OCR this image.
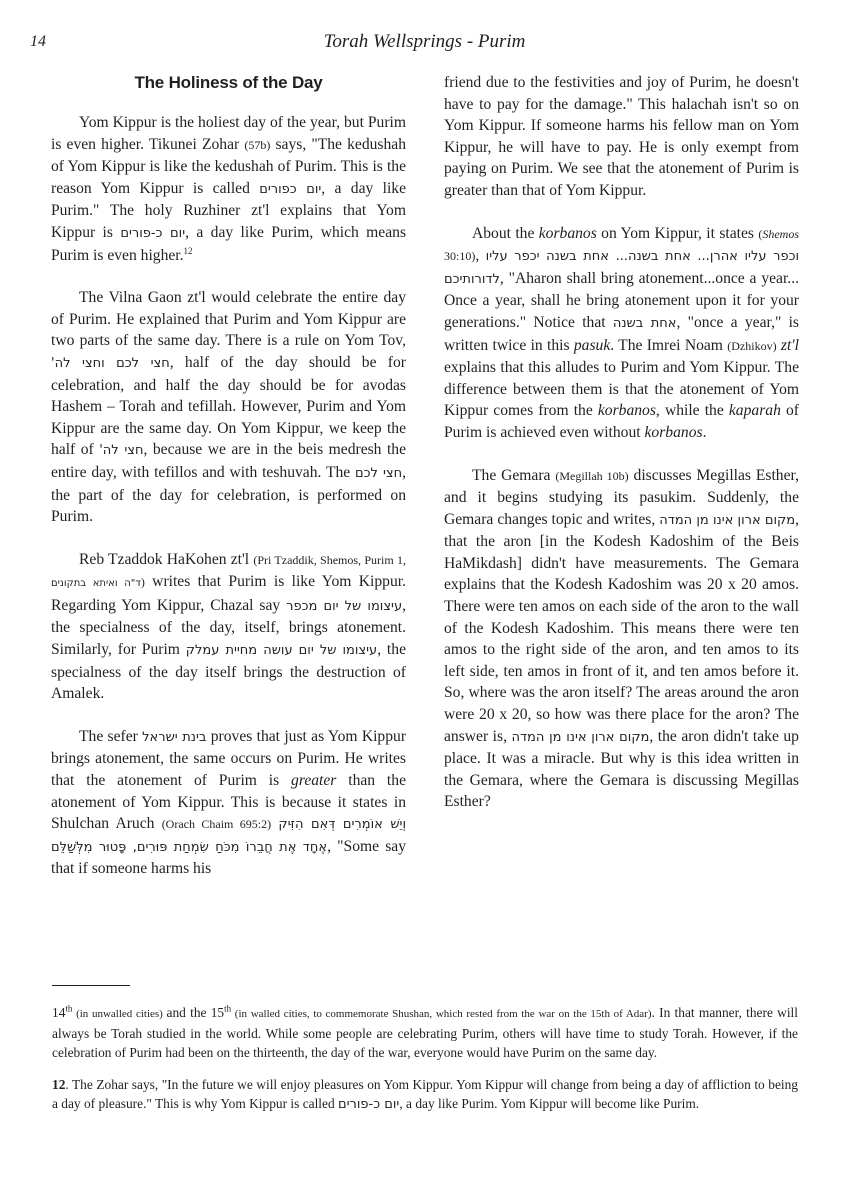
14	Torah Wellsprings - Purim
The Holiness of the Day

Yom Kippur is the holiest day of the year, but Purim is even higher. Tikunei Zohar (57b) says, "The kedushah of Yom Kippur is like the kedushah of Purim. This is the reason Yom Kippur is called יום כפורים, a day like Purim." The holy Ruzhiner zt'l explains that Yom Kippur is יום כ-פורים, a day like Purim, which means Purim is even higher.$^{12}$

The Vilna Gaon zt'l would celebrate the entire day of Purim. He explained that Purim and Yom Kippur are two parts of the same day. There is a rule on Yom Tov, חצי לכם וחצי לה', half of the day should be for celebration, and half the day should be for avodas Hashem – Torah and tefillah. However, Purim and Yom Kippur are the same day. On Yom Kippur, we keep the half of חצי לה', because we are in the beis medresh the entire day, with tefillos and with teshuvah. The חצי לכם, the part of the day for celebration, is performed on Purim.

Reb Tzaddok HaKohen zt'l (Pri Tzaddik, Shemos, Purim 1, ד"ה ואיתא בתקונים) writes that Purim is like Yom Kippur. Regarding Yom Kippur, Chazal say עיצומו של יום מכפר, the specialness of the day, itself, brings atonement. Similarly, for Purim עיצומו של יום עושה מחיית עמלק, the specialness of the day itself brings the destruction of Amalek.

The sefer בינת ישראל proves that just as Yom Kippur brings atonement, the same occurs on Purim. He writes that the atonement of Purim is greater than the atonement of Yom Kippur. This is because it states in Shulchan Aruch (Orach Chaim 695:2) וְיֵשׁ אוֹמְרִים דְּאִם הִזִּיק אֶחָד אֶת חֲבֵרוֹ מִכֹּחַ שִׂמְחַת פּוּרִים, פָּטוּר מִלְּשַׁלֵּם, "Some say that if someone harms his

friend due to the festivities and joy of Purim, he doesn't have to pay for the damage." This halachah isn't so on Yom Kippur. If someone harms his fellow man on Yom Kippur, he will have to pay. He is only exempt from paying on Purim. We see that the atonement of Purim is greater than that of Yom Kippur.

About the korbanos on Yom Kippur, it states (Shemos 30:10), וכפר עליו אהרן... אחת בשנה... אחת בשנה יכפר עליו לדורותיכם, "Aharon shall bring atonement...once a year... Once a year, shall he bring atonement upon it for your generations." Notice that אחת בשנה, "once a year," is written twice in this pasuk. The Imrei Noam (Dzhikov) zt'l explains that this alludes to Purim and Yom Kippur. The difference between them is that the atonement of Yom Kippur comes from the korbanos, while the kaparah of Purim is achieved even without korbanos.

The Gemara (Megillah 10b) discusses Megillas Esther, and it begins studying its pasukim. Suddenly, the Gemara changes topic and writes, מקום ארון אינו מן המדה, that the aron [in the Kodesh Kadoshim of the Beis HaMikdash] didn't have measurements. The Gemara explains that the Kodesh Kadoshim was 20 x 20 amos. There were ten amos on each side of the aron to the wall of the Kodesh Kadoshim. This means there were ten amos to the right side of the aron, and ten amos to its left side, ten amos in front of it, and ten amos before it. So, where was the aron itself? The areas around the aron were 20 x 20, so how was there place for the aron? The answer is, מקום ארון אינו מן המדה, the aron didn't take up place. It was a miracle. But why is this idea written in the Gemara, where the Gemara is discussing Megillas Esther?

14th (in unwalled cities) and the 15th (in walled cities, to commemorate Shushan, which rested from the war on the 15th of Adar). In that manner, there will always be Torah studied in the world. While some people are celebrating Purim, others will have time to study Torah. However, if the celebration of Purim had been on the thirteenth, the day of the war, everyone would have Purim on the same day.

12. The Zohar says, "In the future we will enjoy pleasures on Yom Kippur. Yom Kippur will change from being a day of affliction to being a day of pleasure." This is why Yom Kippur is called יום כ-פורים, a day like Purim. Yom Kippur will become like Purim.
